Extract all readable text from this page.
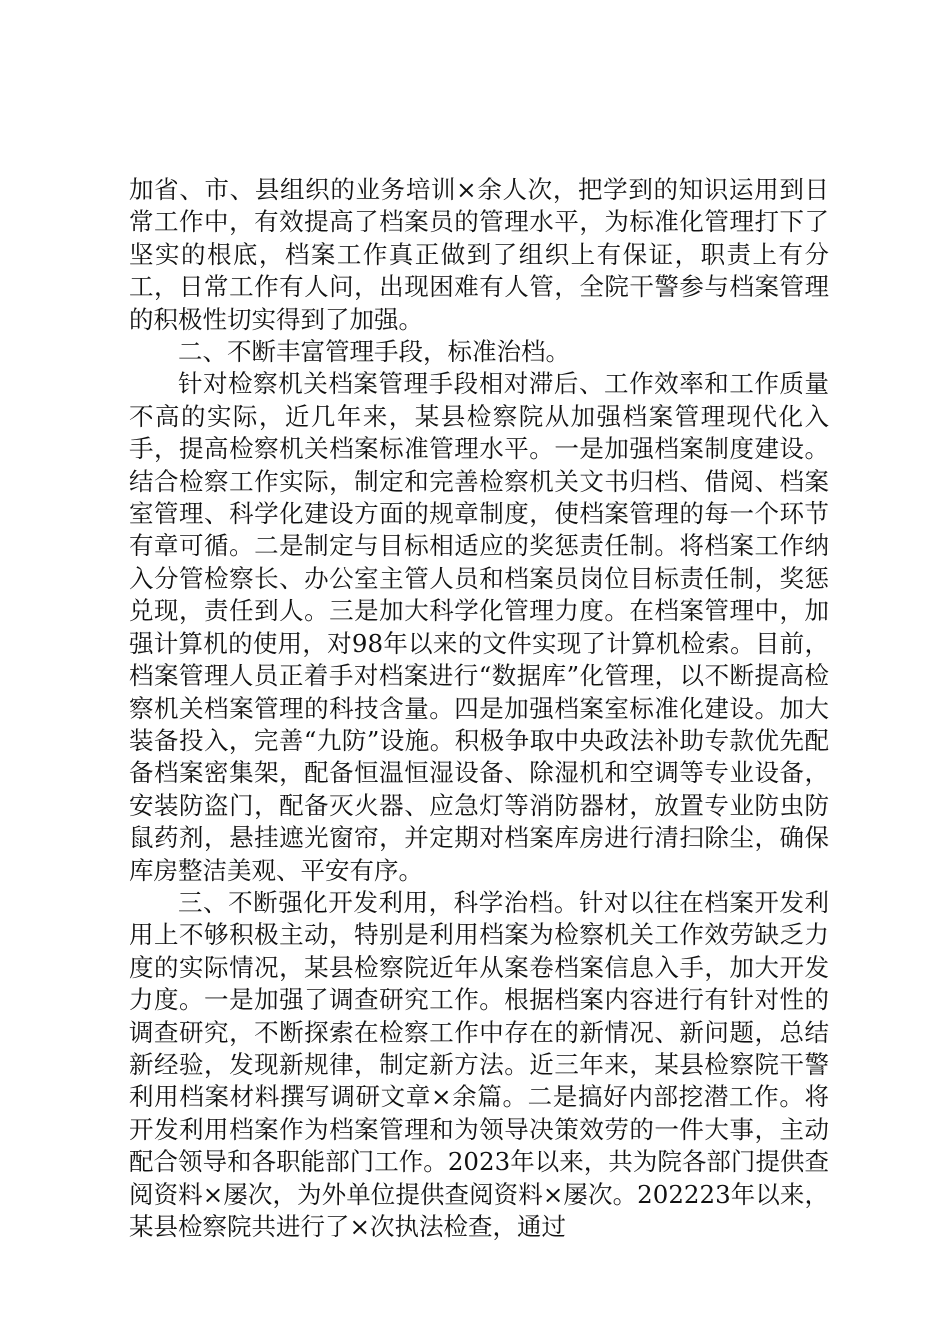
加省、市、县组织的业务培训×余人次，把学到的知识运用到日常工作中，有效提高了档案员的管理水平，为标准化管理打下了坚实的根底，档案工作真正做到了组织上有保证，职责上有分工，日常工作有人问，出现困难有人管，全院干警参与档案管理的积极性切实得到了加强。

二、不断丰富管理手段，标准治档。

针对检察机关档案管理手段相对滞后、工作效率和工作质量不高的实际，近几年来，某县检察院从加强档案管理现代化入手，提高检察机关档案标准管理水平。一是加强档案制度建设。结合检察工作实际，制定和完善检察机关文书归档、借阅、档案室管理、科学化建设方面的规章制度，使档案管理的每一个环节有章可循。二是制定与目标相适应的奖惩责任制。将档案工作纳入分管检察长、办公室主管人员和档案员岗位目标责任制，奖惩兑现，责任到人。三是加大科学化管理力度。在档案管理中，加强计算机的使用，对98年以来的文件实现了计算机检索。目前，档案管理人员正着手对档案进行“数据库”化管理，以不断提高检察机关档案管理的科技含量。四是加强档案室标准化建设。加大装备投入，完善“九防”设施。积极争取中央政法补助专款优先配备档案密集架，配备恒温恒湿设备、除湿机和空调等专业设备，安装防盗门，配备灭火器、应急灯等消防器材，放置专业防虫防鼠药剂，悬挂遮光窗帘，并定期对档案库房进行清扫除尘，确保库房整洁美观、平安有序。

三、不断强化开发利用，科学治档。针对以往在档案开发利用上不够积极主动，特别是利用档案为检察机关工作效劳缺乏力度的实际情况，某县检察院近年从案卷档案信息入手，加大开发力度。一是加强了调查研究工作。根据档案内容进行有针对性的调查研究，不断探索在检察工作中存在的新情况、新问题，总结新经验，发现新规律，制定新方法。近三年来，某县检察院干警利用档案材料撰写调研文章×余篇。二是搞好内部挖潜工作。将开发利用档案作为档案管理和为领导决策效劳的一件大事，主动配合领导和各职能部门工作。2023年以来，共为院各部门提供查阅资料×屡次，为外单位提供查阅资料×屡次。202223年以来，某县检察院共进行了×次执法检查，通过
